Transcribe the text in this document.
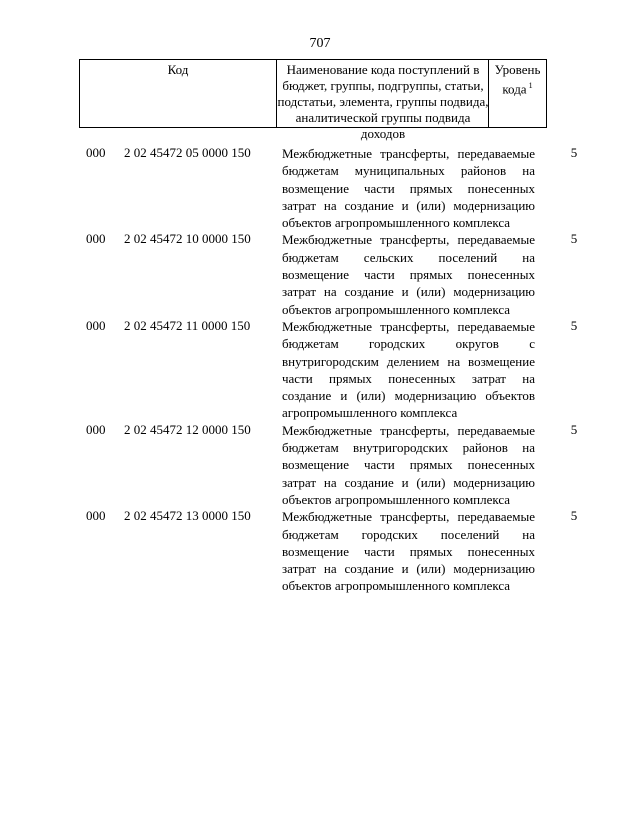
707
Код	Наименование кода поступлений в бюджет, группы, подгруппы, статьи, подстатьи, элемента, группы подвида, аналитической группы подвида доходов
Уровень кода $^1$
000 2 02 45472 05 0000 150 Межбюджетные трансферты, передаваемые бюджетам муниципальных районов на возмещение части прямых понесенных затрат на создание и (или) модернизацию объектов агропромышленного комплекса
5
000 2 02 45472 10 0000 150 Межбюджетные трансферты, передаваемые бюджетам сельских поселений на возмещение части прямых понесенных затрат на создание и (или) модернизацию объектов агропромышленного комплекса
5
000 2 02 45472 11 0000 150 Межбюджетные трансферты, передаваемые бюджетам городских округов с внутригородским делением на возмещение части прямых понесенных затрат на создание и (или) модернизацию объектов агропромышленного комплекса
5
000 2 02 45472 12 0000 150 Межбюджетные трансферты, передаваемые бюджетам внутригородских районов на возмещение части прямых понесенных затрат на создание и (или) модернизацию объектов агропромышленного комплекса
5
000 2 02 45472 13 0000 150 Межбюджетные трансферты, передаваемые бюджетам городских поселений на возмещение части прямых понесенных затрат на создание и (или) модернизацию объектов агропромышленного комплекса
5
